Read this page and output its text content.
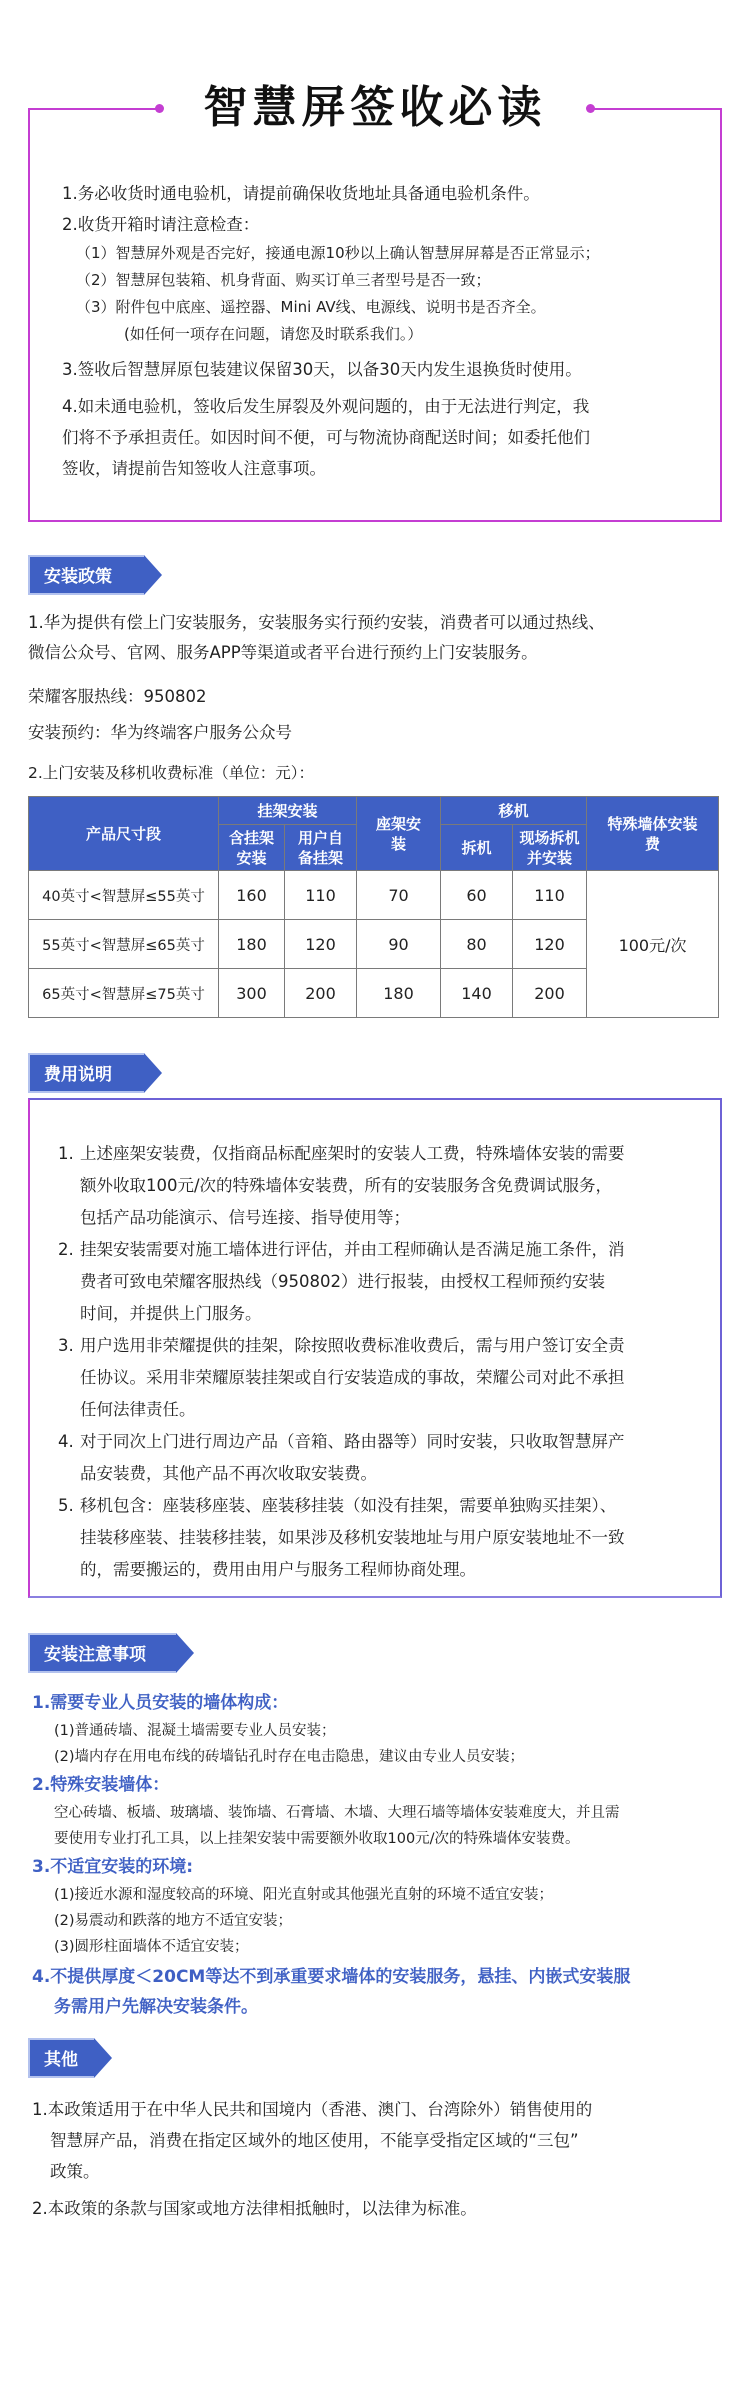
智慧屏签收必读
1.务必收货时通电验机，请提前确保收货地址具备通电验机条件。
2.收货开箱时请注意检查：
（1）智慧屏外观是否完好，接通电源10秒以上确认智慧屏屏幕是否正常显示；
（2）智慧屏包装箱、机身背面、购买订单三者型号是否一致；
（3）附件包中底座、遥控器、Mini AV线、电源线、说明书是否齐全。
(如任何一项存在问题，请您及时联系我们。）
3.签收后智慧屏原包装建议保留30天，以备30天内发生退换货时使用。
4.如未通电验机，签收后发生屏裂及外观问题的，由于无法进行判定，我
们将不予承担责任。如因时间不便，可与物流协商配送时间；如委托他们
签收，请提前告知签收人注意事项。
安装政策
1.华为提供有偿上门安装服务，安装服务实行预约安装，消费者可以通过热线、
微信公众号、官网、服务APP等渠道或者平台进行预约上门安装服务。
荣耀客服热线：950802
安装预约：华为终端客户服务公众号
2.上门安装及移机收费标准（单位：元）：
产品尺寸段	挂架安装		座架安装	移机		特殊墙体安装费
	含挂架安装	用户自备挂架		拆机	现场拆机并安装	
40英寸<智慧屏≤55英寸	160	110	70	60	110	100元/次
55英寸<智慧屏≤65英寸	180	120	90	80	120	
65英寸<智慧屏≤75英寸	300	200	180	140	200	
费用说明
1. 上述座架安装费，仅指商品标配座架时的安装人工费，特殊墙体安装的需要
额外收取100元/次的特殊墙体安装费，所有的安装服务含免费调试服务，
包括产品功能演示、信号连接、指导使用等；
2. 挂架安装需要对施工墙体进行评估，并由工程师确认是否满足施工条件，消
费者可致电荣耀客服热线（950802）进行报装，由授权工程师预约安装
时间，并提供上门服务。
3. 用户选用非荣耀提供的挂架，除按照收费标准收费后，需与用户签订安全责
任协议。采用非荣耀原装挂架或自行安装造成的事故，荣耀公司对此不承担
任何法律责任。
4. 对于同次上门进行周边产品（音箱、路由器等）同时安装，只收取智慧屏产
品安装费，其他产品不再次收取安装费。
5. 移机包含：座装移座装、座装移挂装（如没有挂架，需要单独购买挂架）、
挂装移座装、挂装移挂装，如果涉及移机安装地址与用户原安装地址不一致
的，需要搬运的，费用由用户与服务工程师协商处理。
安装注意事项
1.需要专业人员安装的墙体构成：
(1)普通砖墙、混凝土墙需要专业人员安装；
(2)墙内存在用电布线的砖墙钻孔时存在电击隐患，建议由专业人员安装；
2.特殊安装墙体：
空心砖墙、板墙、玻璃墙、装饰墙、石膏墙、木墙、大理石墙等墙体安装难度大，并且需
要使用专业打孔工具，以上挂架安装中需要额外收取100元/次的特殊墙体安装费。
3.不适宜安装的环境:
(1)接近水源和湿度较高的环境、阳光直射或其他强光直射的环境不适宜安装；
(2)易震动和跌落的地方不适宜安装；
(3)圆形柱面墙体不适宜安装；
4.不提供厚度＜20CM等达不到承重要求墙体的安装服务，悬挂、内嵌式安装服
务需用户先解决安装条件。
其他
1.本政策适用于在中华人民共和国境内（香港、澳门、台湾除外）销售使用的
智慧屏产品，消费在指定区域外的地区使用，不能享受指定区域的“三包”
政策。
2.本政策的条款与国家或地方法律相抵触时，以法律为标准。
